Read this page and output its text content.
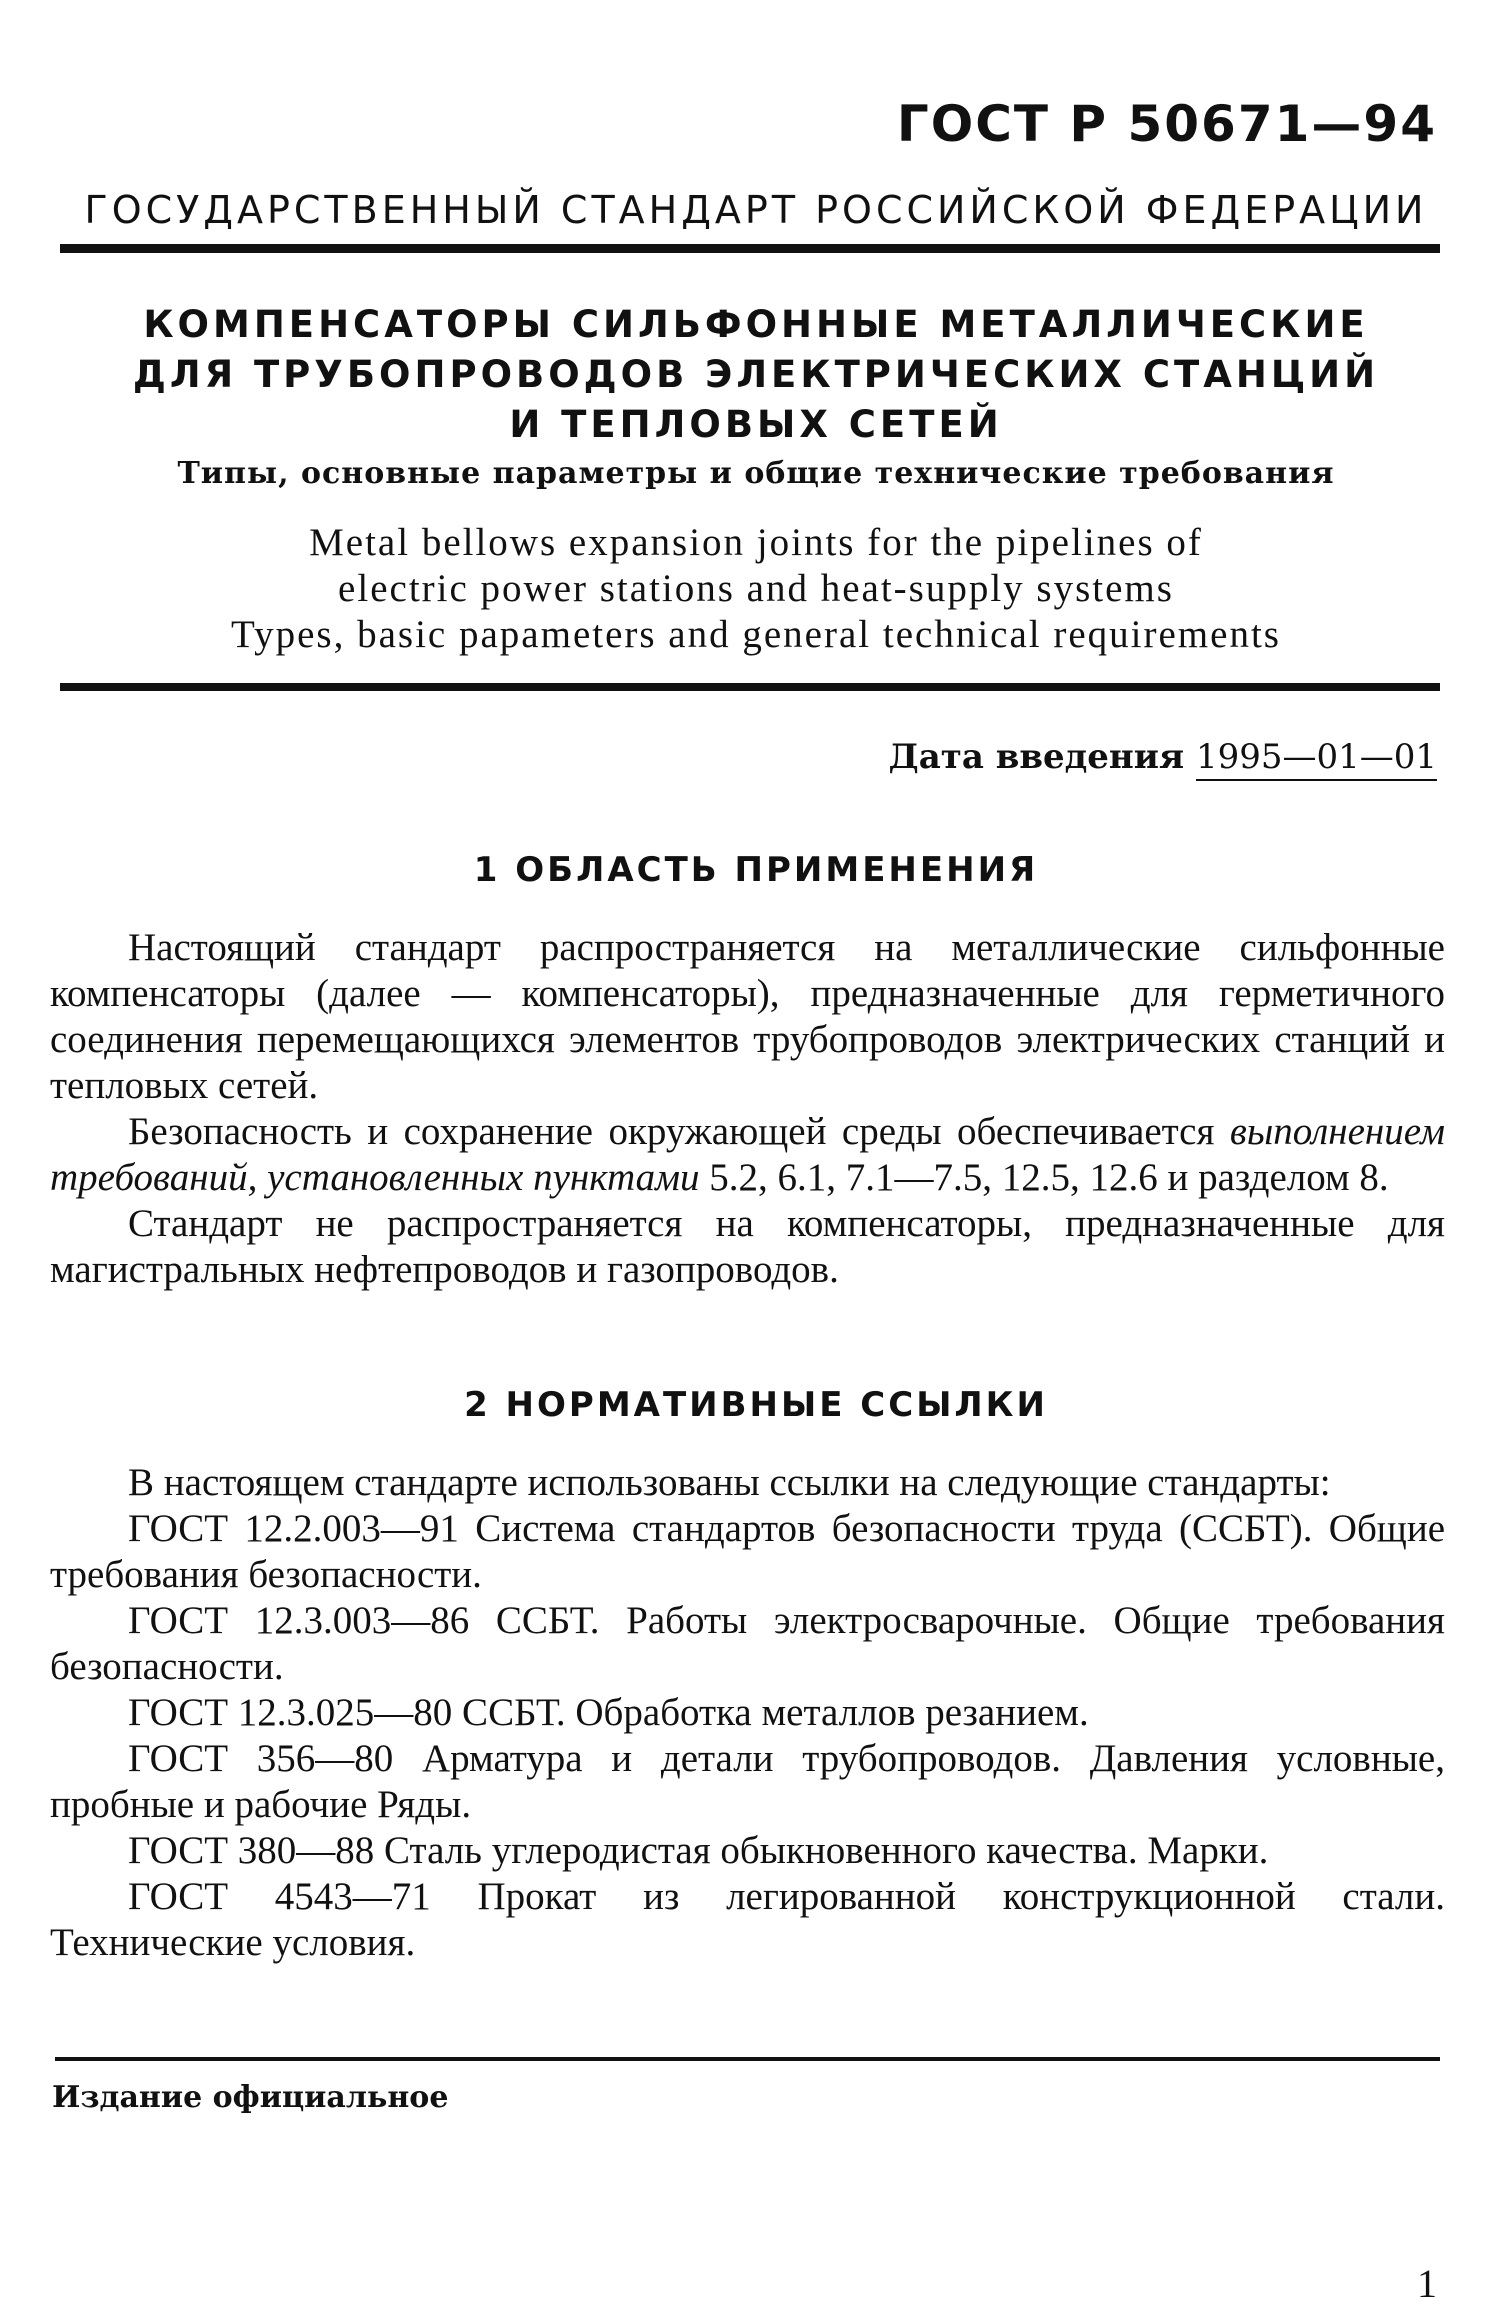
ГОСТ Р 50671—94
ГОСУДАРСТВЕННЫЙ СТАНДАРТ РОССИЙСКОЙ ФЕДЕРАЦИИ
КОМПЕНСАТОРЫ СИЛЬФОННЫЕ МЕТАЛЛИЧЕСКИЕ
ДЛЯ ТРУБОПРОВОДОВ ЭЛЕКТРИЧЕСКИХ СТАНЦИЙ
И ТЕПЛОВЫХ СЕТЕЙ
Типы, основные параметры и общие технические требования
Metal bellows expansion joints for the pipelines of
electric power stations and heat-supply systems
Types, basic papameters and general technical requirements
Дата введения 1995—01—01
1 ОБЛАСТЬ ПРИМЕНЕНИЯ

Настоящий стандарт распространяется на металлические сильфонные компенсаторы (далее — компенсаторы), предназначенные для герметичного соединения перемещающихся элементов трубопроводов электрических станций и тепловых сетей.

Безопасность и сохранение окружающей среды обеспечивается выполнением требований, установленных пунктами 5.2, 6.1, 7.1—7.5, 12.5, 12.6 и разделом 8.

Стандарт не распространяется на компенсаторы, предназначенные для магистральных нефтепроводов и газопроводов.

2 НОРМАТИВНЫЕ ССЫЛКИ

В настоящем стандарте использованы ссылки на следующие стандарты:

ГОСТ 12.2.003—91 Система стандартов безопасности труда (ССБТ). Общие требования безопасности.

ГОСТ 12.3.003—86 ССБТ. Работы электросварочные. Общие требования безопасности.

ГОСТ 12.3.025—80 ССБТ. Обработка металлов резанием.

ГОСТ 356—80 Арматура и детали трубопроводов. Давления условные, пробные и рабочие Ряды.

ГОСТ 380—88 Сталь углеродистая обыкновенного качества. Марки.

ГОСТ 4543—71 Прокат из легированной конструкционной стали. Технические условия.

Издание официальное
1
